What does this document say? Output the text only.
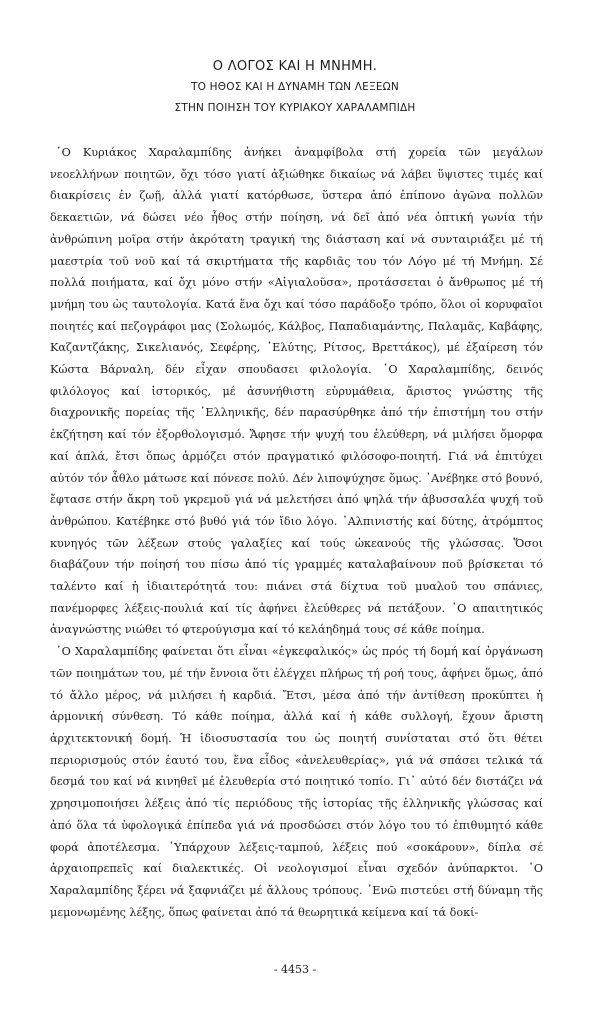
Ο ΛΟΓΟΣ ΚΑΙ Η ΜΝΗΜΗ.

ΤΟ ΗΘΟΣ ΚΑΙ Η ΔΥΝΑΜΗ ΤΩΝ ΛΕΞΕΩΝ

ΣΤΗΝ ΠΟΙΗΣΗ ΤΟΥ ΚΥΡΙΑΚΟΥ ΧΑΡΑΛΑΜΠΙΔΗ

῾Ο Κυριάκος Χαραλαμπίδης ἀνήκει ἀναμφίβολα στή χορεία τῶν μεγάλων νεοελλήνων ποιητῶν, ὄχι τόσο γιατί ἀξιώθηκε δικαίως νά λάβει ὕψιστες τιμές καί διακρίσεις ἐν ζωῇ, ἀλλά γιατί κατόρθωσε, ὕστερα ἀπό ἐπίπονο ἀγῶνα πολλῶν δεκαετιῶν, νά δώσει νέο ἦθος στήν ποίηση, νά δεῖ ἀπό νέα ὀπτική γωνία τήν ἀνθρώπινη μοῖρα στήν ἀκρότατη τραγική της διάσταση καί νά συνταιριάξει μέ τή μαεστρία τοῦ νοῦ καί τά σκιρτήματα τῆς καρδιᾶς του τόν Λόγο μέ τή Μνήμη. Σέ πολλά ποιήματα, καί ὄχι μόνο στήν «Αἰγιαλοῦσα», προτάσσεται ὁ ἄνθρωπος μέ τή μνήμη του ὡς ταυτολογία. Κατά ἕνα ὄχι καί τόσο παράδοξο τρόπο, ὅλοι οἱ κορυφαῖοι ποιητές καί πεζογράφοι μας (Σολωμός, Κάλβος, Παπαδιαμάντης, Παλαμᾶς, Καβάφης, Καζαντζάκης, Σικελιανός, Σεφέρης, ᾿Ελύτης, Ρίτσος, Βρεττάκος), μέ ἐξαίρεση τόν Κώστα Βάρναλη, δέν εἶχαν σπουδασει φιλολογία. ῾Ο Χαραλαμπίδης, δεινός φιλόλογος καί ἱστορικός, μέ ἀσυνήθιστη εὐρυμάθεια, ἄριστος γνώστης τῆς διαχρονικῆς πορείας τῆς ᾿Ελληνικῆς, δέν παρασύρθηκε ἀπό τήν ἐπιστήμη του στήν ἐκζήτηση καί τόν ἐξορθολογισμό. Ἄφησε τήν ψυχή του ἐλεύθερη, νά μιλήσει ὄμορφα καί ἁπλά, ἔτσι ὅπως ἁρμόζει στόν πραγματικό φιλόσοφο-ποιητή. Γιά νά ἐπιτύχει αὐτόν τόν ἆθλο μάτωσε καί πόνεσε πολύ. Δέν λιποψύχησε ὅμως. ᾿Ανέβηκε στό βουνό, ἔφτασε στήν ἄκρη τοῦ γκρεμοῦ γιά νά μελετήσει ἀπό ψηλά τήν ἀβυσσαλέα ψυχή τοῦ ἀνθρώπου. Κατέβηκε στό βυθό γιά τόν ἴδιο λόγο. ᾿Αλπινιστής καί δύτης, ἀτρόμπτος κυνηγός τῶν λέξεων στούς γαλαξίες καί τούς ὠκεανούς τῆς γλώσσας. Ὅσοι διαβάζουν τήν ποίησή του πίσω ἀπό τίς γραμμές καταλαβαίνουν ποῦ βρίσκεται τό ταλέντο καί ἡ ἰδιαιτερότητά του: πιάνει στά δίχτυα τοῦ μυαλοῦ του σπάνιες, πανέμορφες λέξεις-πουλιά καί τίς ἀφήνει ἐλεύθερες νά πετάξουν. ῾Ο απαιτητικός ἀναγνώστης νιώθει τό φτερούγισμα καί τό κελάηδημά τους σέ κάθε ποίημα.

῾Ο Χαραλαμπίδης φαίνεται ὅτι εἶναι «ἐγκεφαλικός» ὡς πρός τή δομή καί ὀργάνωση τῶν ποιημάτων του, μέ τήν ἔννοια ὅτι ἐλέγχει πλήρως τή ροή τους, ἀφήνει ὅμως, ἀπό τό ἄλλο μέρος, νά μιλήσει ἡ καρδιά. Ἔτσι, μέσα ἀπό τήν ἀντίθεση προκύπτει ἡ ἁρμονική σύνθεση. Τό κάθε ποίημα, ἀλλά καί ἡ κάθε συλλογή, ἔχουν ἄριστη ἀρχιτεκτονική δομή. Ἡ ἰδιοσυστασία του ὡς ποιητή συνίσταται στό ὅτι θέτει περιορισμούς στόν ἑαυτό του, ἕνα εἶδος «ἀνελευθερίας», γιά νά σπάσει τελικά τά δεσμά του καί νά κινηθεῖ μέ ἐλευθερία στό ποιητικό τοπίο. Γι᾽ αὐτό δέν διστάζει νά χρησιμοποιήσει λέξεις ἀπό τίς περιόδους τῆς ἱστορίας τῆς ἑλληνικῆς γλώσσας καί ἀπό ὅλα τά ὑφολογικά ἐπίπεδα γιά νά προσδώσει στόν λόγο του τό ἐπιθυμητό κάθε φορά ἀποτέλεσμα. ῾Υπάρχουν λέξεις-ταμπού, λέξεις πού «σοκάρουν», δίπλα σέ ἀρχαιοπρεπεῖς καί διαλεκτικές. Οἱ νεολογισμοί εἶναι σχεδόν ἀνύπαρκτοι. ῾Ο Χαραλαμπίδης ξέρει νά ξαφνιάζει μέ ἄλλους τρόπους. ᾿Ενῶ πιστεύει στή δύναμη τῆς μεμονωμένης λέξης, ὅπως φαίνεται ἀπό τά θεωρητικά κείμενα καί τά δοκί-

- 4453 -
